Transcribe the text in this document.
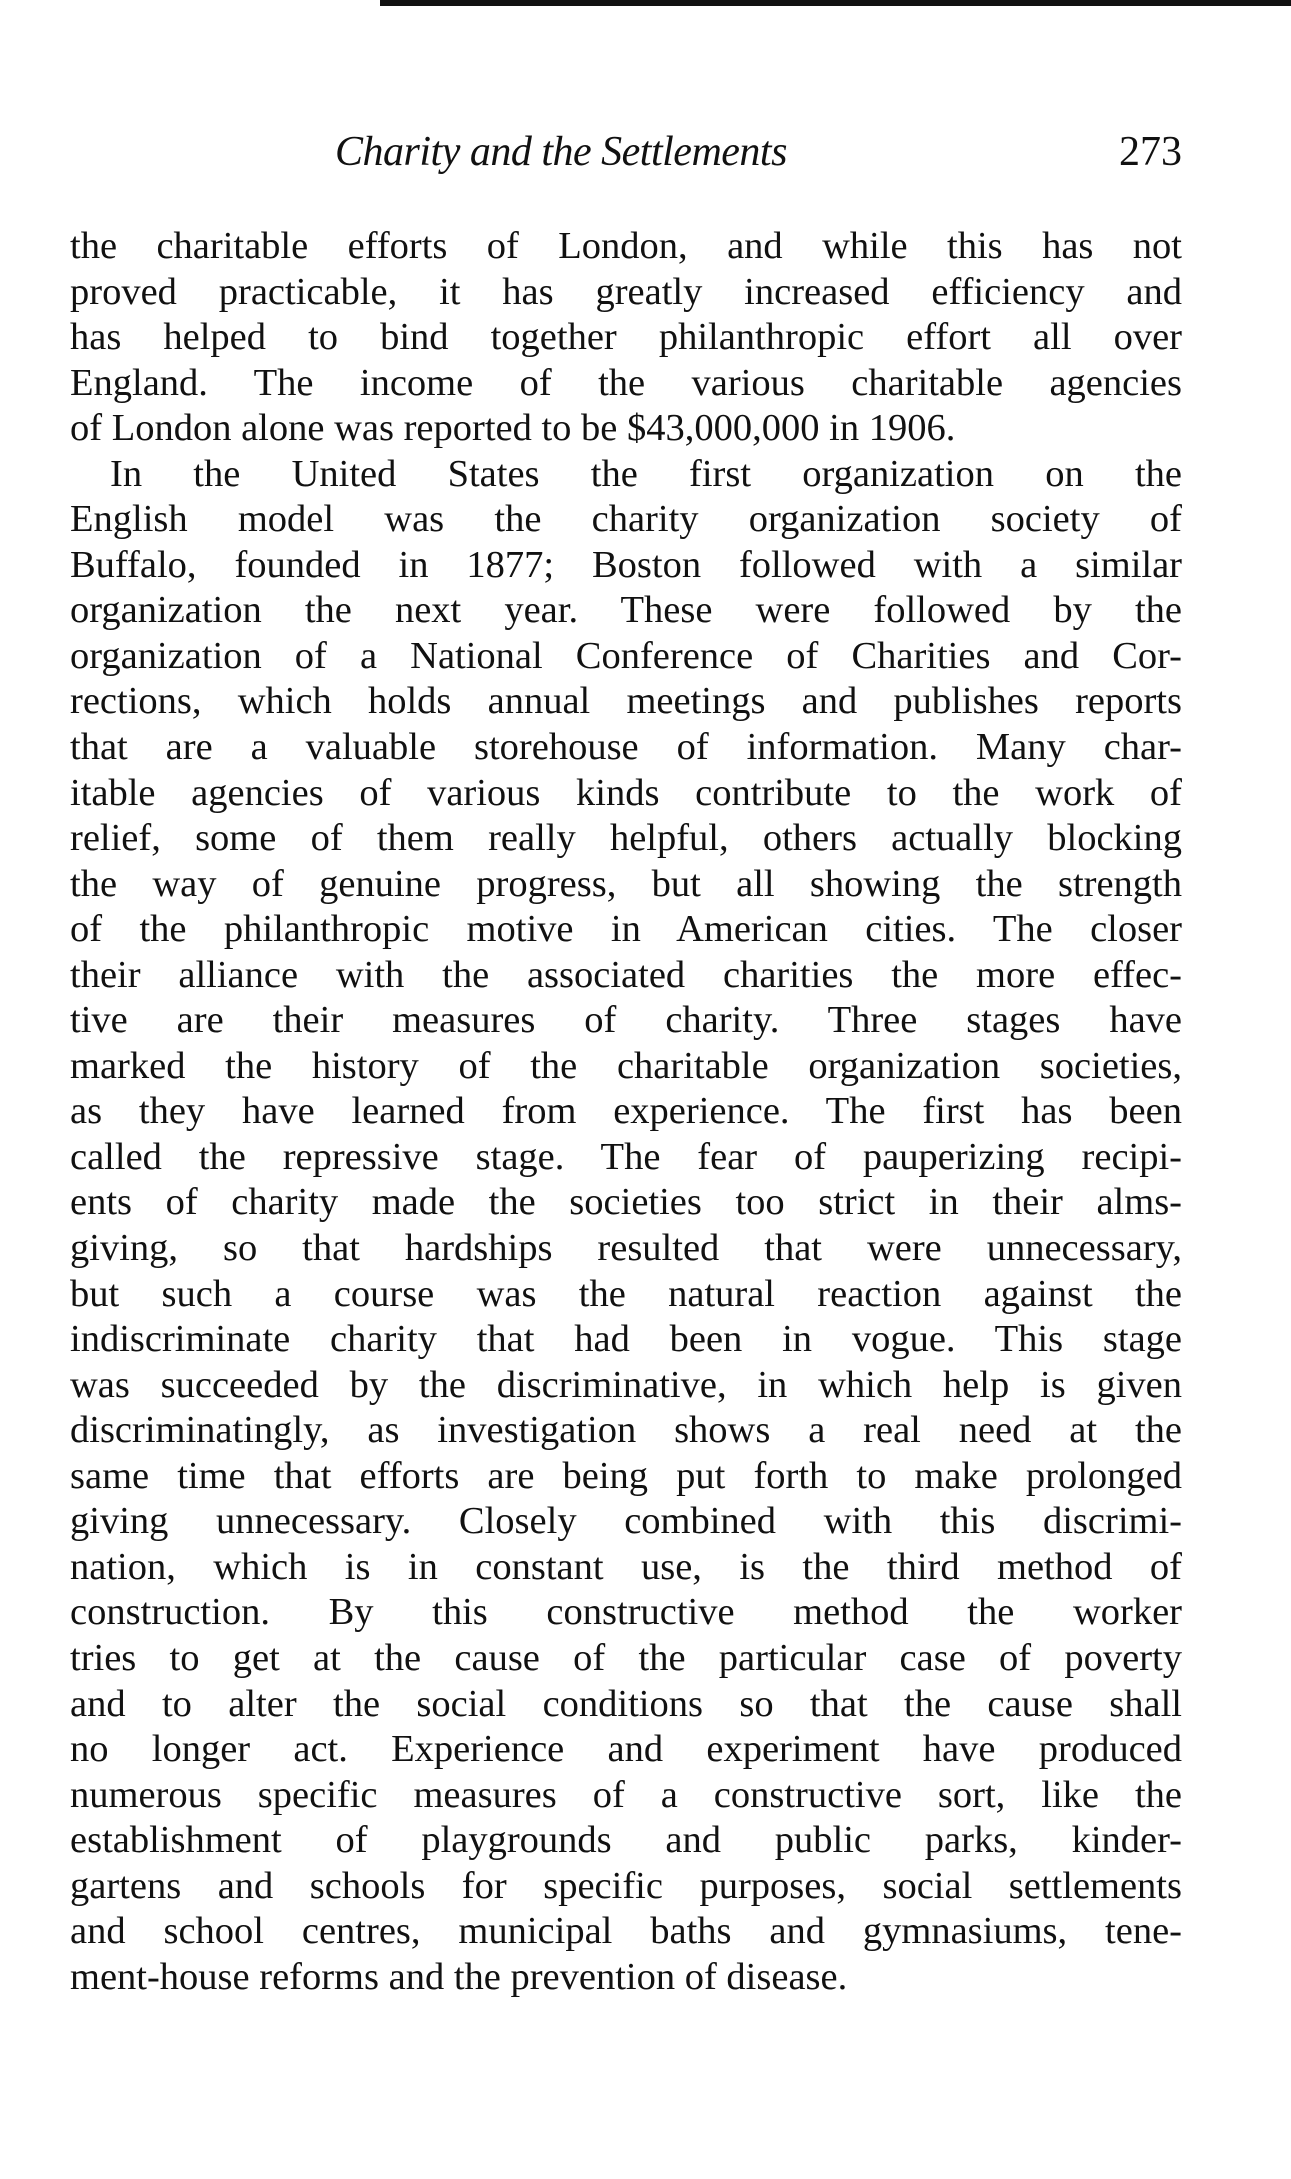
Charity and the Settlements	273
the charitable efforts of London, and while this has not
proved practicable, it has greatly increased efficiency and
has helped to bind together philanthropic effort all over
England. The income of the various charitable agencies
of London alone was reported to be $43,000,000 in 1906.
In the United States the first organization on the
English model was the charity organization society of
Buffalo, founded in 1877; Boston followed with a similar
organization the next year. These were followed by the
organization of a National Conference of Charities and Cor-
rections, which holds annual meetings and publishes reports
that are a valuable storehouse of information. Many char-
itable agencies of various kinds contribute to the work of
relief, some of them really helpful, others actually blocking
the way of genuine progress, but all showing the strength
of the philanthropic motive in American cities. The closer
their alliance with the associated charities the more effec-
tive are their measures of charity. Three stages have
marked the history of the charitable organization societies,
as they have learned from experience. The first has been
called the repressive stage. The fear of pauperizing recipi-
ents of charity made the societies too strict in their alms-
giving, so that hardships resulted that were unnecessary,
but such a course was the natural reaction against the
indiscriminate charity that had been in vogue. This stage
was succeeded by the discriminative, in which help is given
discriminatingly, as investigation shows a real need at the
same time that efforts are being put forth to make prolonged
giving unnecessary. Closely combined with this discrimi-
nation, which is in constant use, is the third method of
construction. By this constructive method the worker
tries to get at the cause of the particular case of poverty
and to alter the social conditions so that the cause shall
no longer act. Experience and experiment have produced
numerous specific measures of a constructive sort, like the
establishment of playgrounds and public parks, kinder-
gartens and schools for specific purposes, social settlements
and school centres, municipal baths and gymnasiums, tene-
ment-house reforms and the prevention of disease.
